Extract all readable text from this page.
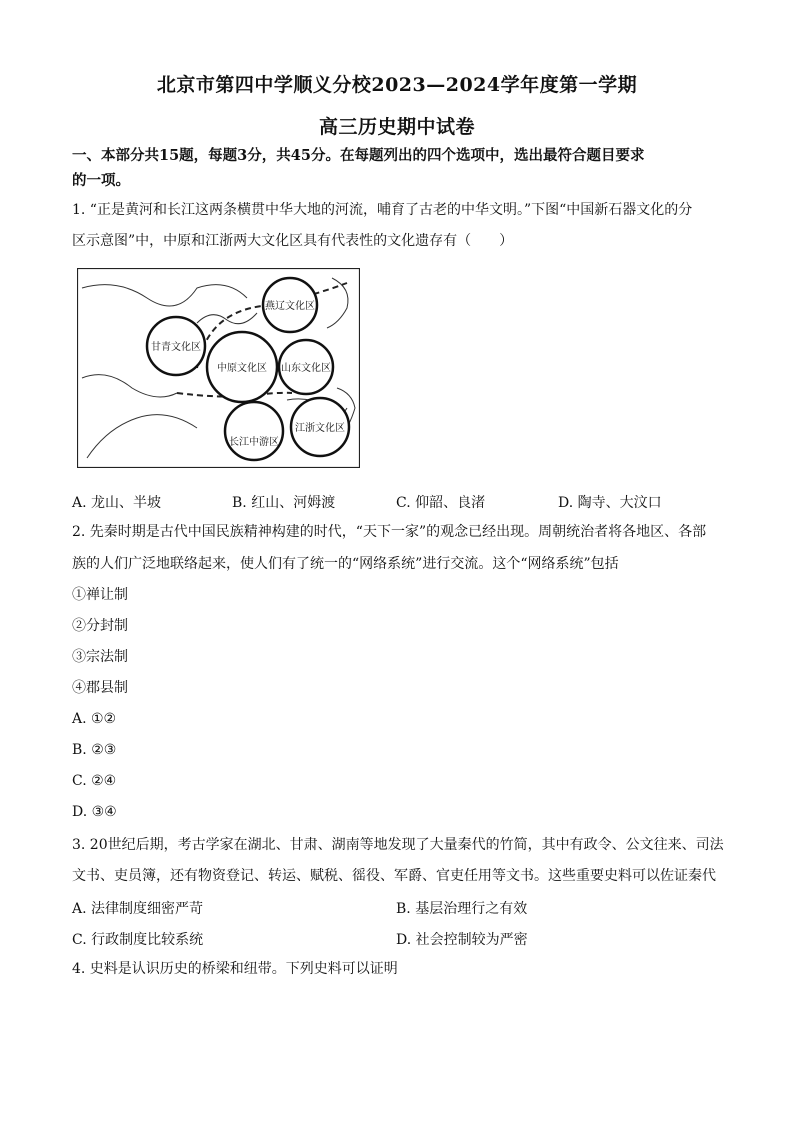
北京市第四中学顺义分校2023—2024学年度第一学期
高三历史期中试卷
一、本部分共15题，每题3分，共45分。在每题列出的四个选项中，选出最符合题目要求
的一项。
1. “正是黄河和长江这两条横贯中华大地的河流，哺育了古老的中华文明。”下图“中国新石器文化的分
区示意图”中，中原和江浙两大文化区具有代表性的文化遗存有（　　）
燕辽文化区
甘青文化区
中原文化区 山东文化区
长江中游区
江浙文化区
A. 龙山、半坡	B. 红山、河姆渡	C. 仰韶、良渚	D. 陶寺、大汶口
2. 先秦时期是古代中国民族精神构建的时代，“天下一家”的观念已经出现。周朝统治者将各地区、各部
族的人们广泛地联络起来，使人们有了统一的“网络系统”进行交流。这个“网络系统”包括
①禅让制
②分封制
③宗法制
④郡县制
A. ①②
B. ②③
C. ②④
D. ③④
3. 20世纪后期，考古学家在湖北、甘肃、湖南等地发现了大量秦代的竹简，其中有政令、公文往来、司法
文书、吏员簿，还有物资登记、转运、赋税、徭役、军爵、官吏任用等文书。这些重要史料可以佐证秦代
A. 法律制度细密严苛	B. 基层治理行之有效
C. 行政制度比较系统	D. 社会控制较为严密
4. 史料是认识历史的桥梁和纽带。下列史料可以证明
